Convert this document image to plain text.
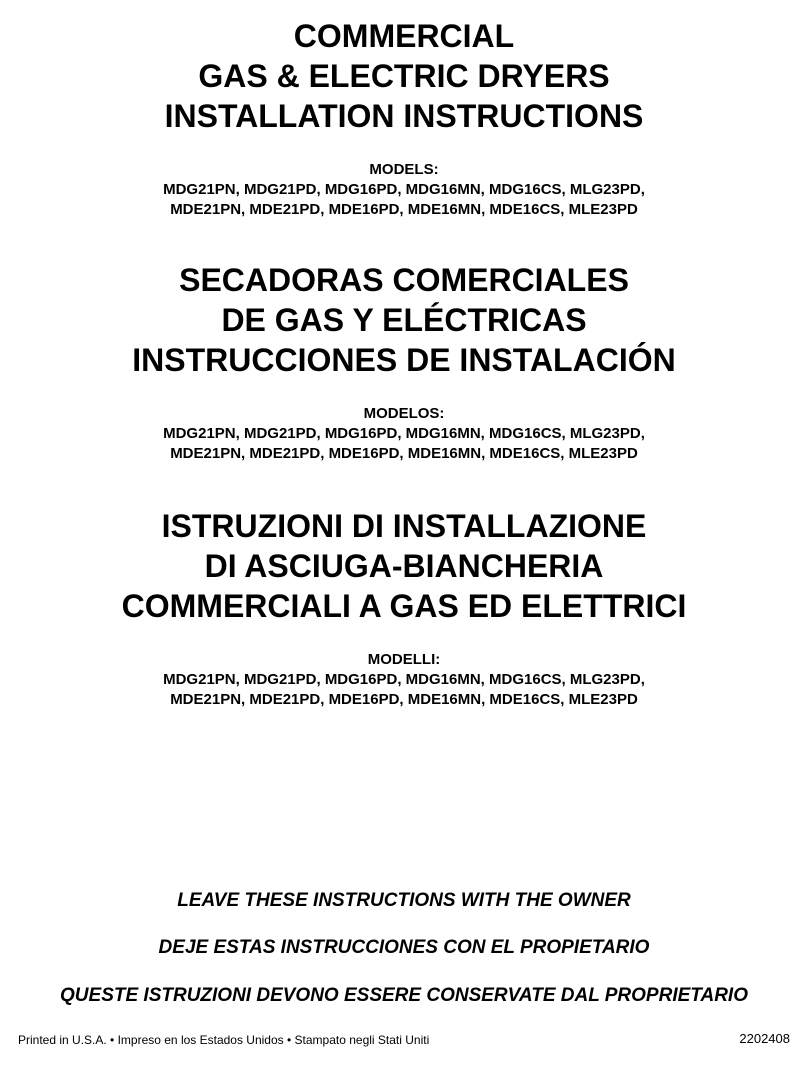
COMMERCIAL
GAS & ELECTRIC DRYERS
INSTALLATION INSTRUCTIONS
MODELS:
MDG21PN, MDG21PD, MDG16PD, MDG16MN, MDG16CS, MLG23PD,
MDE21PN, MDE21PD, MDE16PD, MDE16MN, MDE16CS, MLE23PD
SECADORAS COMERCIALES
DE GAS Y ELÉCTRICAS
INSTRUCCIONES DE INSTALACIÓN
MODELOS:
MDG21PN, MDG21PD, MDG16PD, MDG16MN, MDG16CS, MLG23PD,
MDE21PN, MDE21PD, MDE16PD, MDE16MN, MDE16CS, MLE23PD
ISTRUZIONI DI INSTALLAZIONE
DI ASCIUGA-BIANCHERIA
COMMERCIALI A GAS ED ELETTRICI
MODELLI:
MDG21PN, MDG21PD, MDG16PD, MDG16MN, MDG16CS, MLG23PD,
MDE21PN, MDE21PD, MDE16PD, MDE16MN, MDE16CS, MLE23PD
LEAVE THESE INSTRUCTIONS WITH THE OWNER
DEJE ESTAS INSTRUCCIONES CON EL PROPIETARIO
QUESTE ISTRUZIONI DEVONO ESSERE CONSERVATE DAL PROPRIETARIO
Printed in U.S.A. • Impreso en los Estados Unidos • Stampato negli Stati Uniti	2202408
